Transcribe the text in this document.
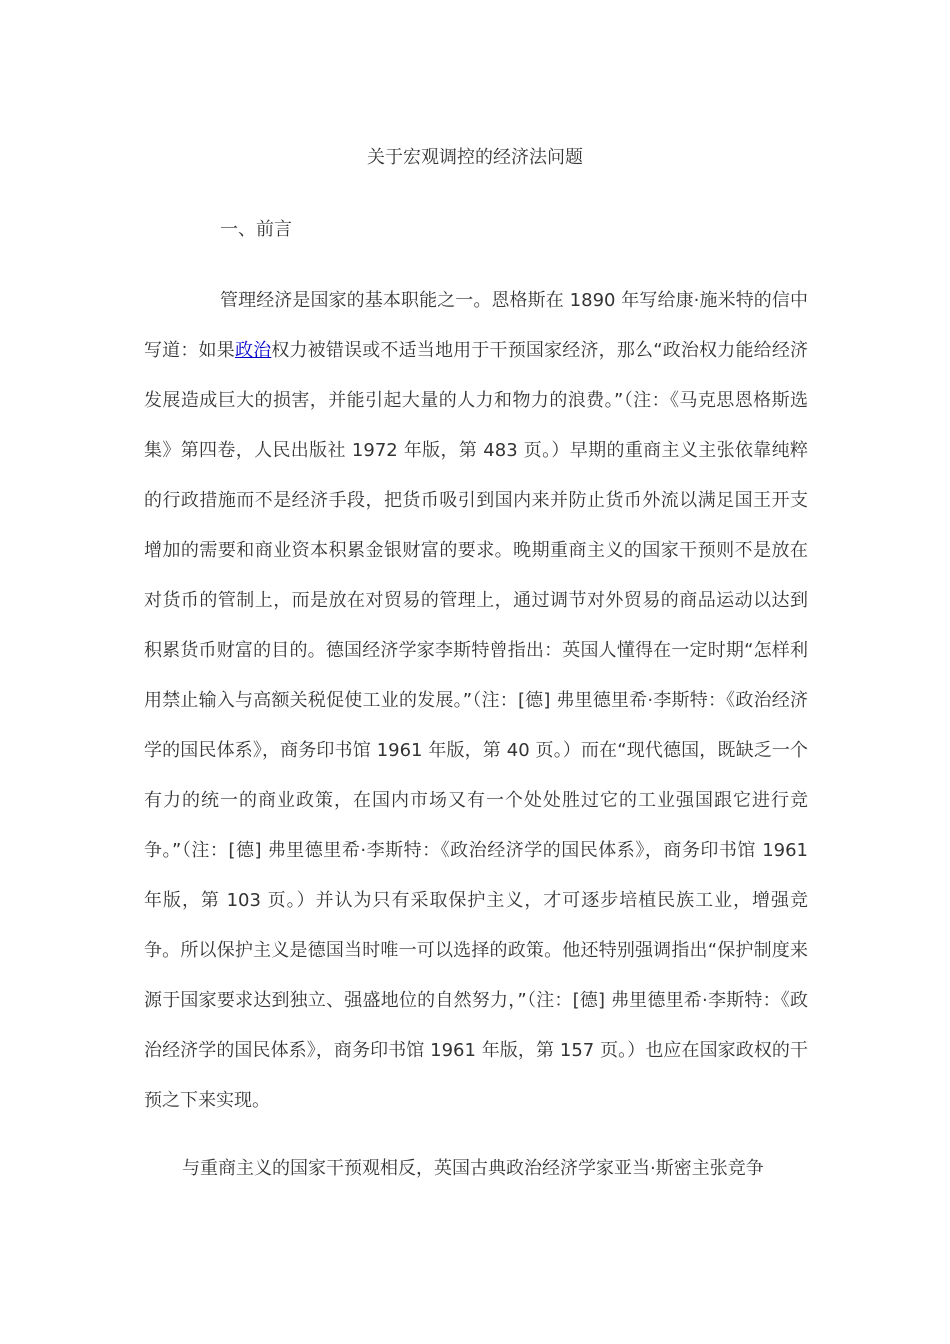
关于宏观调控的经济法问题
一、前言

管理经济是国家的基本职能之一。恩格斯在 1890 年写给康·施米特的信中写道：如果政治权力被错误或不适当地用于干预国家经济，那么“政治权力能给经济发展造成巨大的损害，并能引起大量的人力和物力的浪费。”（注：《马克思恩格斯选集》第四卷，人民出版社 1972 年版，第 483 页。）早期的重商主义主张依靠纯粹的行政措施而不是经济手段，把货币吸引到国内来并防止货币外流以满足国王开支增加的需要和商业资本积累金银财富的要求。晚期重商主义的国家干预则不是放在对货币的管制上，而是放在对贸易的管理上，通过调节对外贸易的商品运动以达到积累货币财富的目的。德国经济学家李斯特曾指出：英国人懂得在一定时期“怎样利用禁止输入与高额关税促使工业的发展。”（注：[德] 弗里德里希·李斯特：《政治经济学的国民体系》，商务印书馆 1961 年版，第 40 页。）而在“现代德国，既缺乏一个有力的统一的商业政策，在国内市场又有一个处处胜过它的工业强国跟它进行竞争。”（注：[德] 弗里德里希·李斯特：《政治经济学的国民体系》，商务印书馆 1961 年版，第 103 页。）并认为只有采取保护主义，才可逐步培植民族工业，增强竞争。所以保护主义是德国当时唯一可以选择的政策。他还特别强调指出“保护制度来源于国家要求达到独立、强盛地位的自然努力，”（注：[德] 弗里德里希·李斯特：《政治经济学的国民体系》，商务印书馆 1961 年版，第 157 页。）也应在国家政权的干预之下来实现。

与重商主义的国家干预观相反，英国古典政治经济学家亚当·斯密主张竞争
